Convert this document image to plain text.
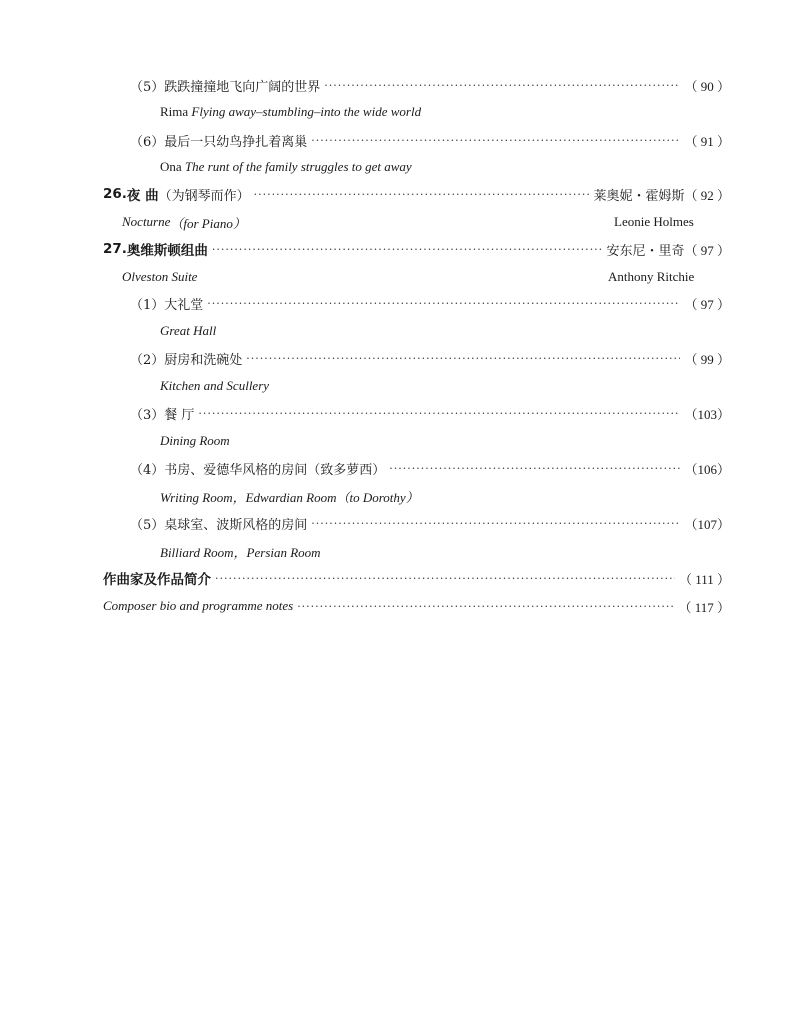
（5）跌跌撞撞地飞向广阔的世界 ·····	（ 90 ）
Rima
Flying away–stumbling–into the wide world
（6）最后一只幼鸟挣扎着离巢 ·····	（ 91 ）
Ona
The runt of the family struggles to get away
26. 夜 曲 （为钢琴而作） ·····	莱奥妮・霍姆斯 （ 92 ）
Nocturne （for Piano）	Leonie Holmes
27. 奥维斯顿组曲 ·····	安东尼・里奇 （ 97 ）
Olveston Suite	Anthony Ritchie
（1）大礼堂 ·····	（ 97 ）
Great Hall
（2）厨房和洗碗处 ·····	（ 99 ）
Kitchen and Scullery
（3）餐 厅 ·····	（103）
Dining Room
（4）书房、爱德华风格的房间（致多萝西） ·····	（106）
Writing Room，Edwardian Room（to Dorothy）
（5）桌球室、波斯风格的房间 ·····	（107）
Billiard Room，Persian Room
作曲家及作品简介 ·····	（ 111 ）
Composer bio and programme notes ·····	（ 117 ）
